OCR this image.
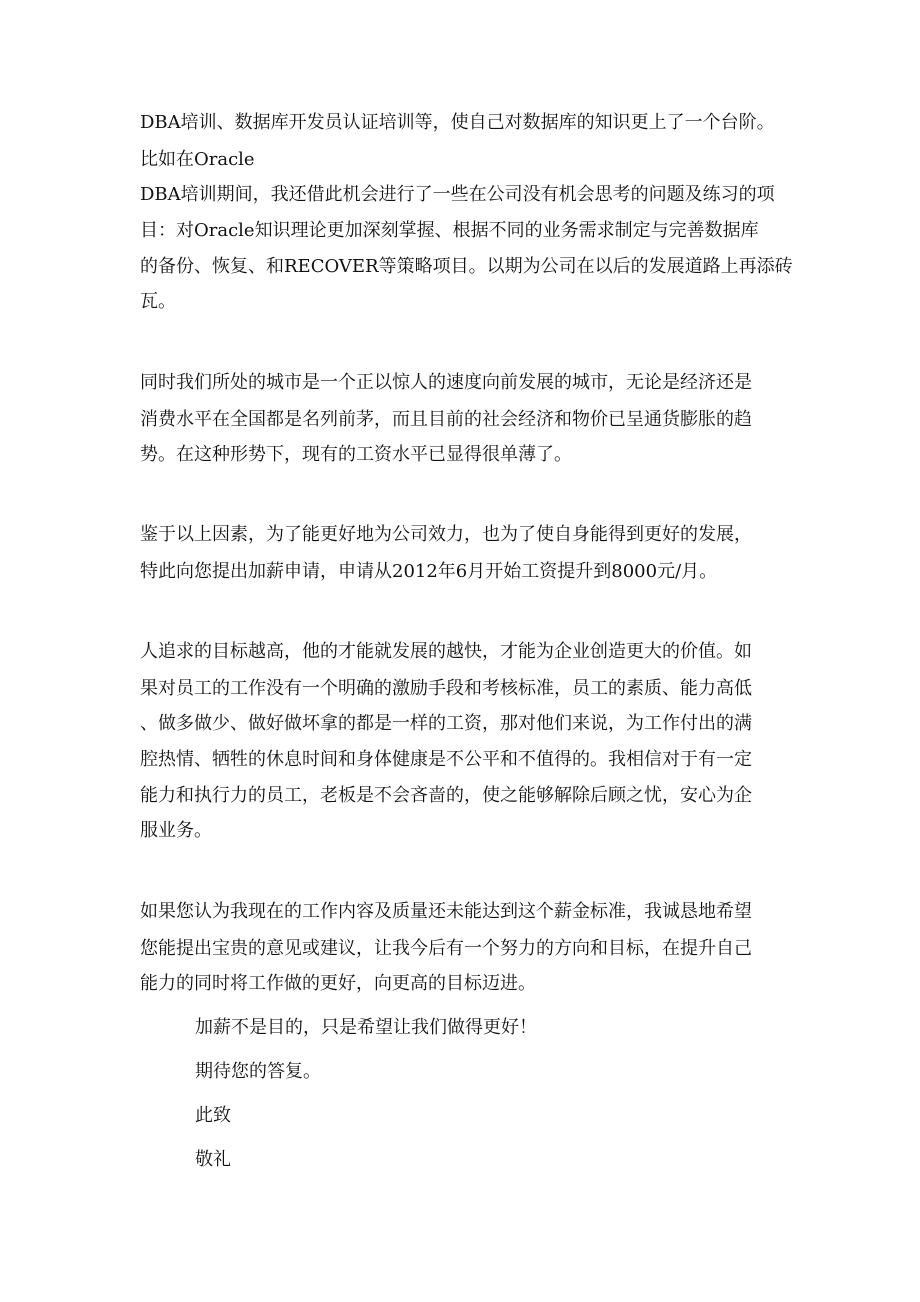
DBA培训、数据库开发员认证培训等，使自己对数据库的知识更上了一个台阶。
比如在Oracle
DBA培训期间，我还借此机会进行了一些在公司没有机会思考的问题及练习的项
目：对Oracle知识理论更加深刻掌握、根据不同的业务需求制定与完善数据库
的备份、恢复、和RECOVER等策略项目。以期为公司在以后的发展道路上再添砖
瓦。
同时我们所处的城市是一个正以惊人的速度向前发展的城市，无论是经济还是
消费水平在全国都是名列前茅，而且目前的社会经济和物价已呈通货膨胀的趋
势。在这种形势下，现有的工资水平已显得很单薄了。
鉴于以上因素，为了能更好地为公司效力，也为了使自身能得到更好的发展，
特此向您提出加薪申请，申请从2012年6月开始工资提升到8000元/月。
人追求的目标越高，他的才能就发展的越快，才能为企业创造更大的价值。如
果对员工的工作没有一个明确的激励手段和考核标准，员工的素质、能力高低
、做多做少、做好做坏拿的都是一样的工资，那对他们来说，为工作付出的满
腔热情、牺牲的休息时间和身体健康是不公平和不值得的。我相信对于有一定
能力和执行力的员工，老板是不会吝啬的，使之能够解除后顾之忧，安心为企
服业务。
如果您认为我现在的工作内容及质量还未能达到这个薪金标准，我诚恳地希望
您能提出宝贵的意见或建议，让我今后有一个努力的方向和目标，在提升自己
能力的同时将工作做的更好，向更高的目标迈进。
加薪不是目的，只是希望让我们做得更好！
期待您的答复。
此致
敬礼
